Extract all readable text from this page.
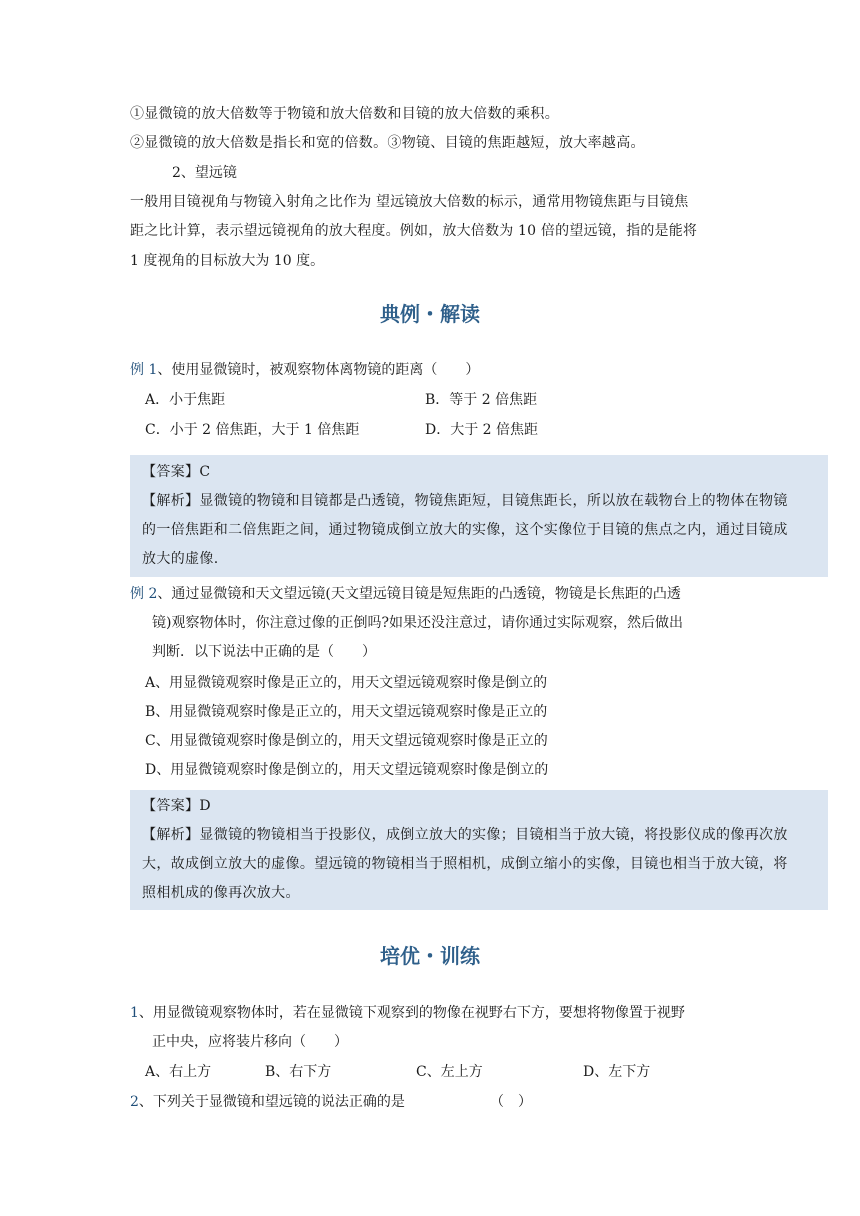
①显微镜的放大倍数等于物镜和放大倍数和目镜的放大倍数的乘积。
②显微镜的放大倍数是指长和宽的倍数。③物镜、目镜的焦距越短，放大率越高。
2、望远镜
一般用目镜视角与物镜入射角之比作为 望远镜放大倍数的标示，通常用物镜焦距与目镜焦
距之比计算，表示望远镜视角的放大程度。例如，放大倍数为 10 倍的望远镜，指的是能将
1 度视角的目标放大为 10 度。
典例・解读
例 1、使用显微镜时，被观察物体离物镜的距离（　　）
A．小于焦距	B．等于 2 倍焦距
C．小于 2 倍焦距，大于 1 倍焦距	D．大于 2 倍焦距
【答案】C
【解析】显微镜的物镜和目镜都是凸透镜，物镜焦距短，目镜焦距长，所以放在载物台上的物体在物镜
的一倍焦距和二倍焦距之间，通过物镜成倒立放大的实像，这个实像位于目镜的焦点之内，通过目镜成
放大的虚像.
例 2、通过显微镜和天文望远镜(天文望远镜目镜是短焦距的凸透镜，物镜是长焦距的凸透
镜)观察物体时，你注意过像的正倒吗?如果还没注意过，请你通过实际观察，然后做出
判断．以下说法中正确的是（　　）
A、用显微镜观察时像是正立的，用天文望远镜观察时像是倒立的
B、用显微镜观察时像是正立的，用天文望远镜观察时像是正立的
C、用显微镜观察时像是倒立的，用天文望远镜观察时像是正立的
D、用显微镜观察时像是倒立的，用天文望远镜观察时像是倒立的
【答案】D
【解析】显微镜的物镜相当于投影仪，成倒立放大的实像；目镜相当于放大镜，将投影仪成的像再次放
大，故成倒立放大的虚像。望远镜的物镜相当于照相机，成倒立缩小的实像，目镜也相当于放大镜，将
照相机成的像再次放大。
培优・训练
1、用显微镜观察物体时，若在显微镜下观察到的物像在视野右下方，要想将物像置于视野
正中央，应将装片移向（　　）
A、右上方	B、右下方	C、左上方	D、左下方
2、下列关于显微镜和望远镜的说法正确的是	（　）
